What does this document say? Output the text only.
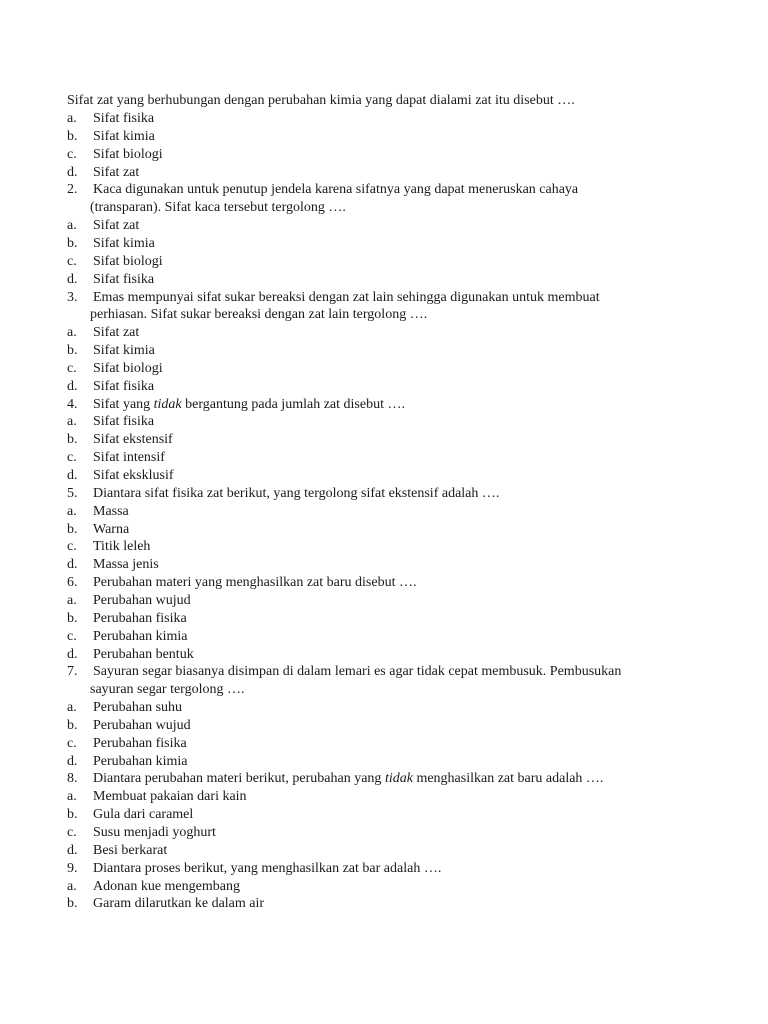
Sifat zat yang berhubungan dengan perubahan kimia yang dapat dialami zat itu disebut ….
a. Sifat fisika
b. Sifat kimia
c. Sifat biologi
d. Sifat zat
2. Kaca digunakan untuk penutup jendela karena sifatnya yang dapat meneruskan cahaya
(transparan). Sifat kaca tersebut tergolong ….
a. Sifat zat
b. Sifat kimia
c. Sifat biologi
d. Sifat fisika
3. Emas mempunyai sifat sukar bereaksi dengan zat lain sehingga digunakan untuk membuat
perhiasan. Sifat sukar bereaksi dengan zat lain tergolong ….
a. Sifat zat
b. Sifat kimia
c. Sifat biologi
d. Sifat fisika
4. Sifat yang tidak bergantung pada jumlah zat disebut ….
a. Sifat fisika
b. Sifat ekstensif
c. Sifat intensif
d. Sifat eksklusif
5. Diantara sifat fisika zat berikut, yang tergolong sifat ekstensif adalah ….
a. Massa
b. Warna
c. Titik leleh
d. Massa jenis
6. Perubahan materi yang menghasilkan zat baru disebut ….
a. Perubahan wujud
b. Perubahan fisika
c. Perubahan kimia
d. Perubahan bentuk
7. Sayuran segar biasanya disimpan di dalam lemari es agar tidak cepat membusuk. Pembusukan
sayuran segar tergolong ….
a. Perubahan suhu
b. Perubahan wujud
c. Perubahan fisika
d. Perubahan kimia
8. Diantara perubahan materi berikut, perubahan yang tidak menghasilkan zat baru adalah ….
a. Membuat pakaian dari kain
b. Gula dari caramel
c. Susu menjadi yoghurt
d. Besi berkarat
9. Diantara proses berikut, yang menghasilkan zat bar adalah ….
a. Adonan kue mengembang
b. Garam dilarutkan ke dalam air
